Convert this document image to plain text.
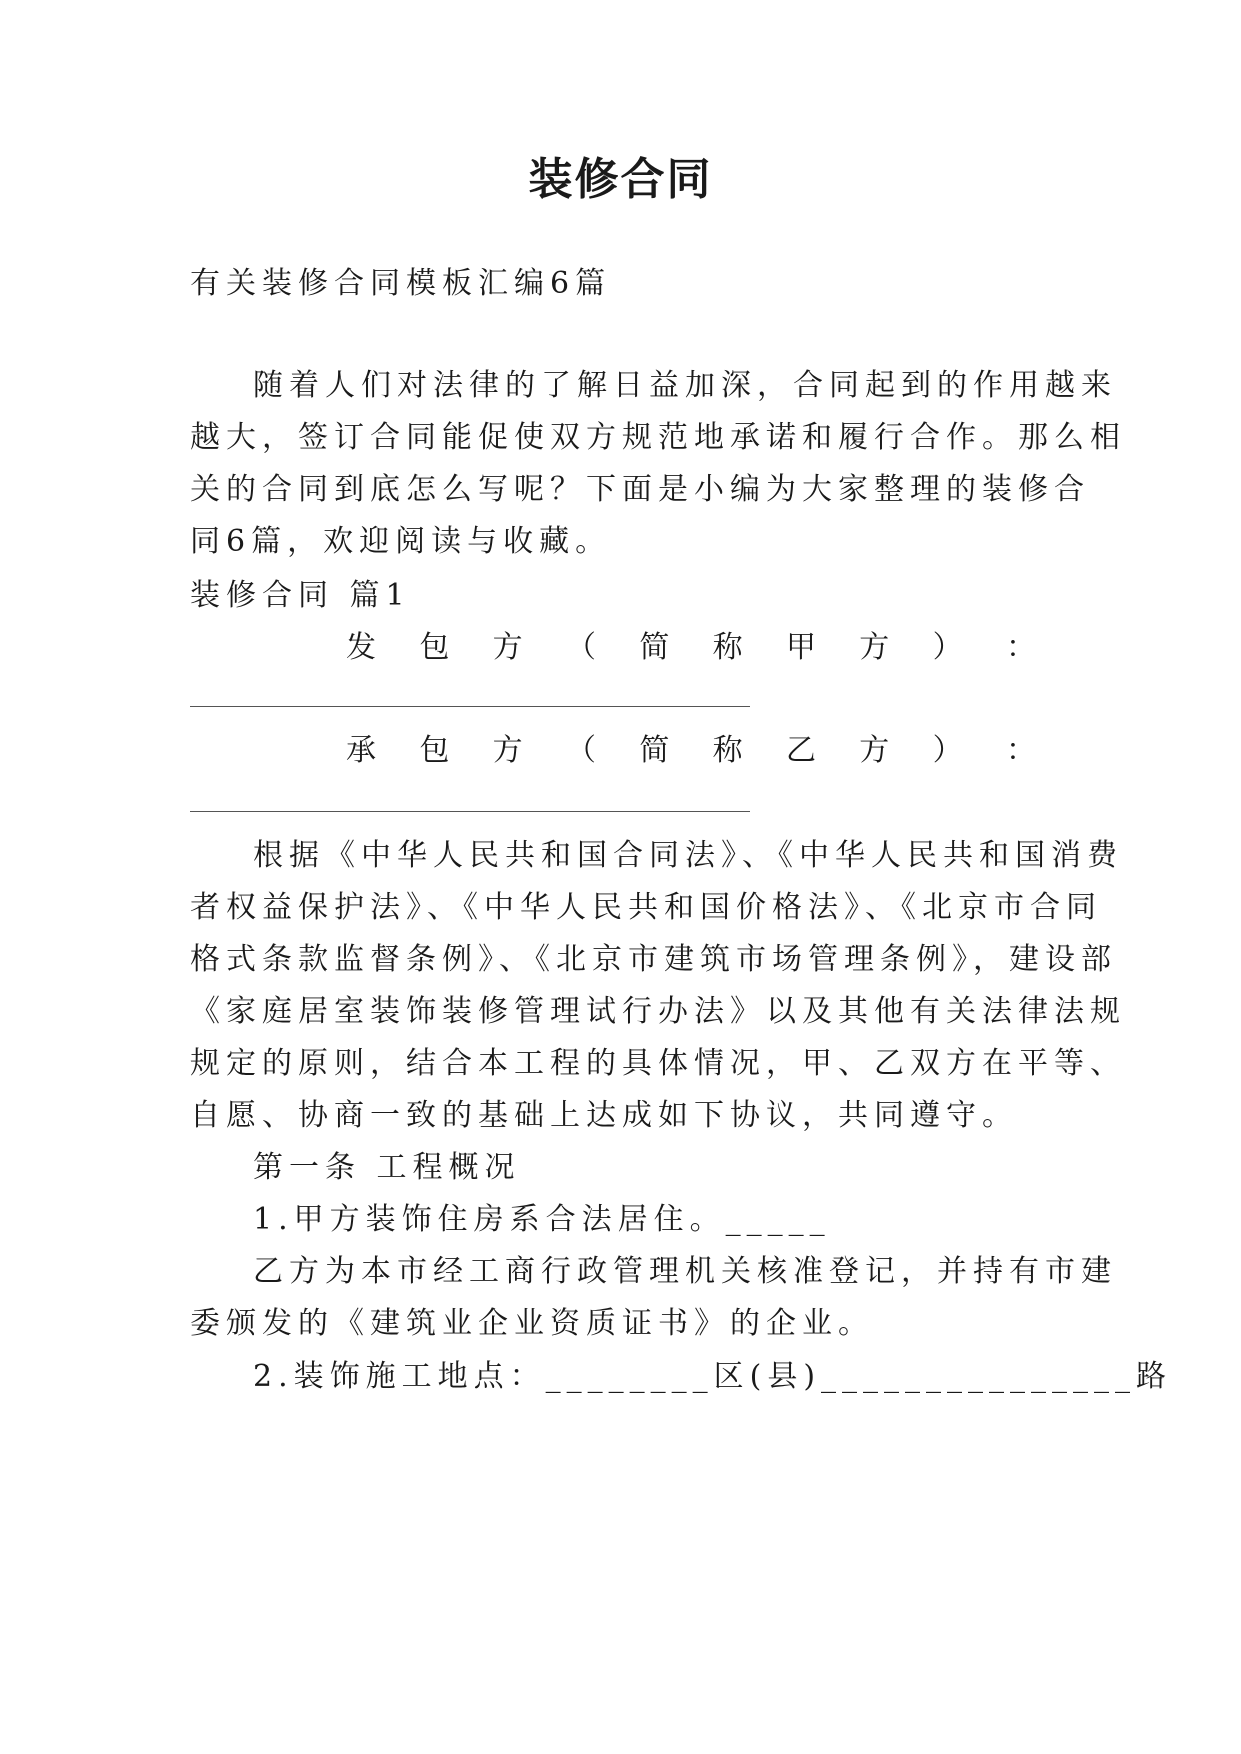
装修合同

有关装修合同模板汇编6篇

随着人们对法律的了解日益加深，合同起到的作用越来

越大，签订合同能促使双方规范地承诺和履行合作。那么相

关的合同到底怎么写呢？下面是小编为大家整理的装修合

同6篇，欢迎阅读与收藏。

装修合同 篇1

发 包 方 （ 简 称 甲 方 ） ：
承 包 方 （ 简 称 乙 方 ） ：

根据《中华人民共和国合同法》、《中华人民共和国消费

者权益保护法》、《中华人民共和国价格法》、《北京市合同

格式条款监督条例》、《北京市建筑市场管理条例》，建设部

《家庭居室装饰装修管理试行办法》以及其他有关法律法规

规定的原则，结合本工程的具体情况，甲、乙双方在平等、

自愿、协商一致的基础上达成如下协议，共同遵守。

第一条 工程概况

1.甲方装饰住房系合法居住。_____

乙方为本市经工商行政管理机关核准登记，并持有市建

委颁发的《建筑业企业资质证书》的企业。

2.装饰施工地点：________区(县)_______________路
